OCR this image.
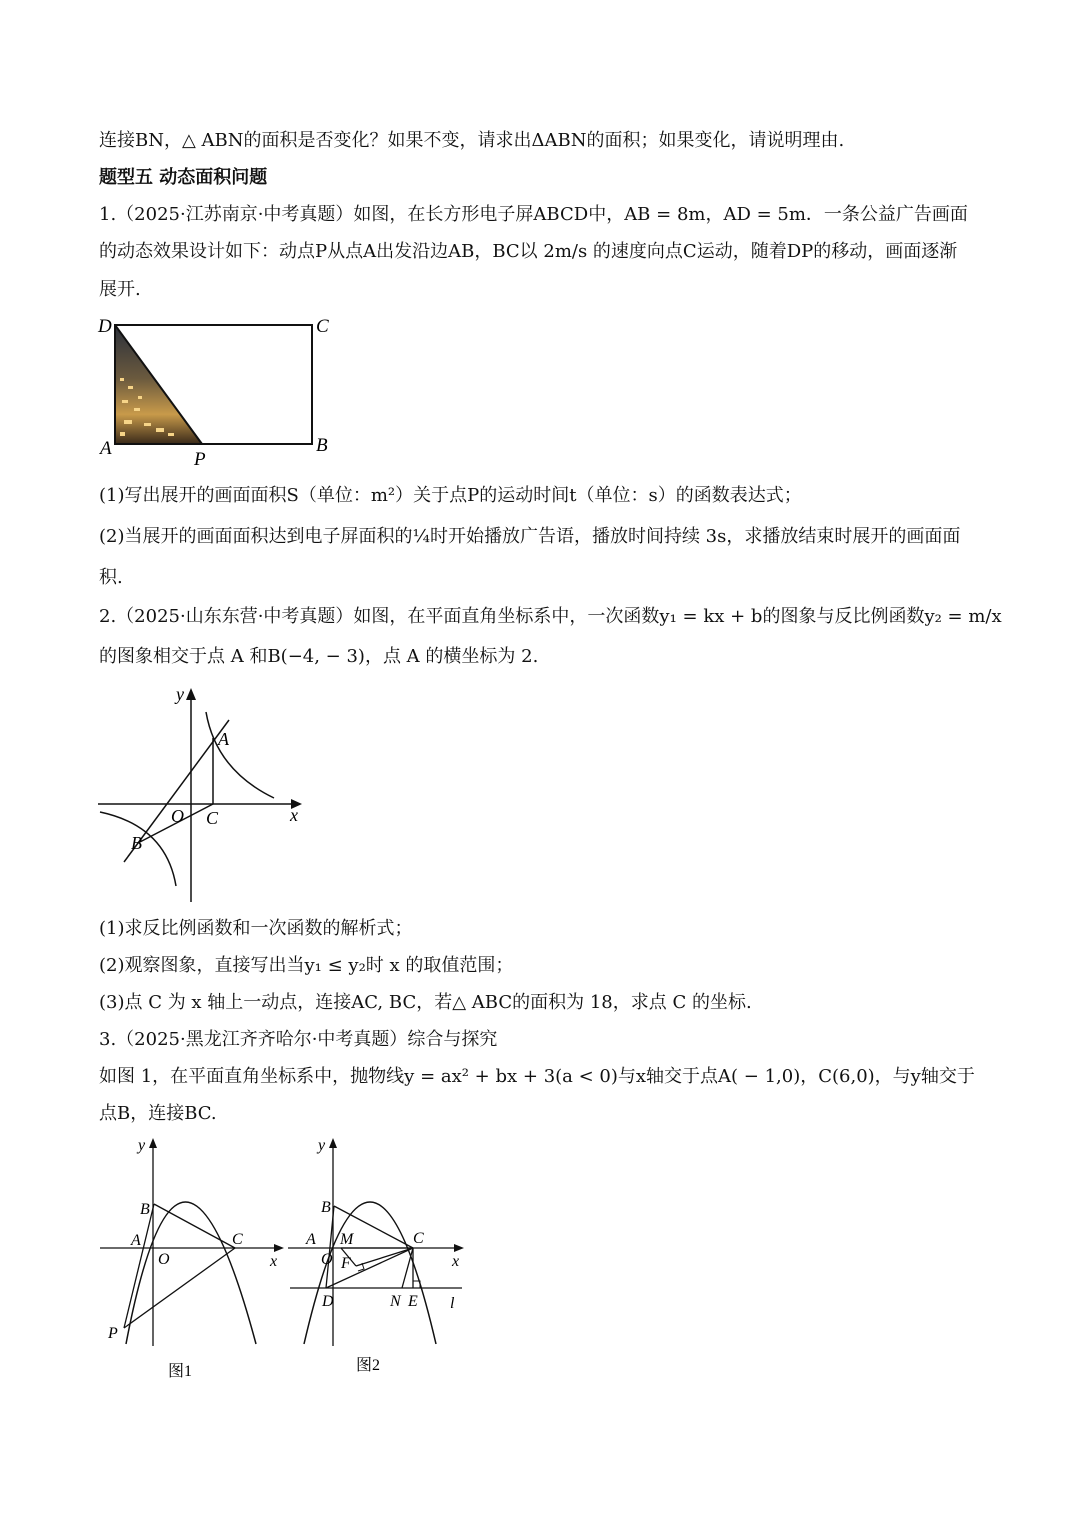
连接BN，△ ABN的面积是否变化？如果不变，请求出ΔABN的面积；如果变化，请说明理由.
题型五 动态面积问题
1.（2025·江苏南京·中考真题）如图，在长方形电子屏ABCD中，AB = 8m，AD = 5m．一条公益广告画面
的动态效果设计如下：动点P从点A出发沿边AB，BC以 2m/s 的速度向点C运动，随着DP的移动，画面逐渐
展开.
D	C
A	B
P
(1)写出展开的画面面积S（单位：m²）关于点P的运动时间t（单位：s）的函数表达式；
(2)当展开的画面面积达到电子屏面积的¼时开始播放广告语，播放时间持续 3s，求播放结束时展开的画面面
积.
2.（2025·山东东营·中考真题）如图，在平面直角坐标系中，一次函数y₁ = kx + b的图象与反比例函数y₂ = m/x
的图象相交于点 A 和B(−4, − 3)，点 A 的横坐标为 2.
y
A
O C	x
B
(1)求反比例函数和一次函数的解析式；
(2)观察图象，直接写出当y₁ ≤ y₂时 x 的取值范围；
(3)点 C 为 x 轴上一动点，连接AC, BC，若△ ABC的面积为 18，求点 C 的坐标.
3.（2025·黑龙江齐齐哈尔·中考真题）综合与探究
如图 1，在平面直角坐标系中，抛物线y = ax² + bx + 3(a < 0)与x轴交于点A( − 1,0)，C(6,0)，与y轴交于
点B，连接BC.
y
B
A
O
C
x
P
图1
y
B
A M	C
O F	x
D	N E l
图2
